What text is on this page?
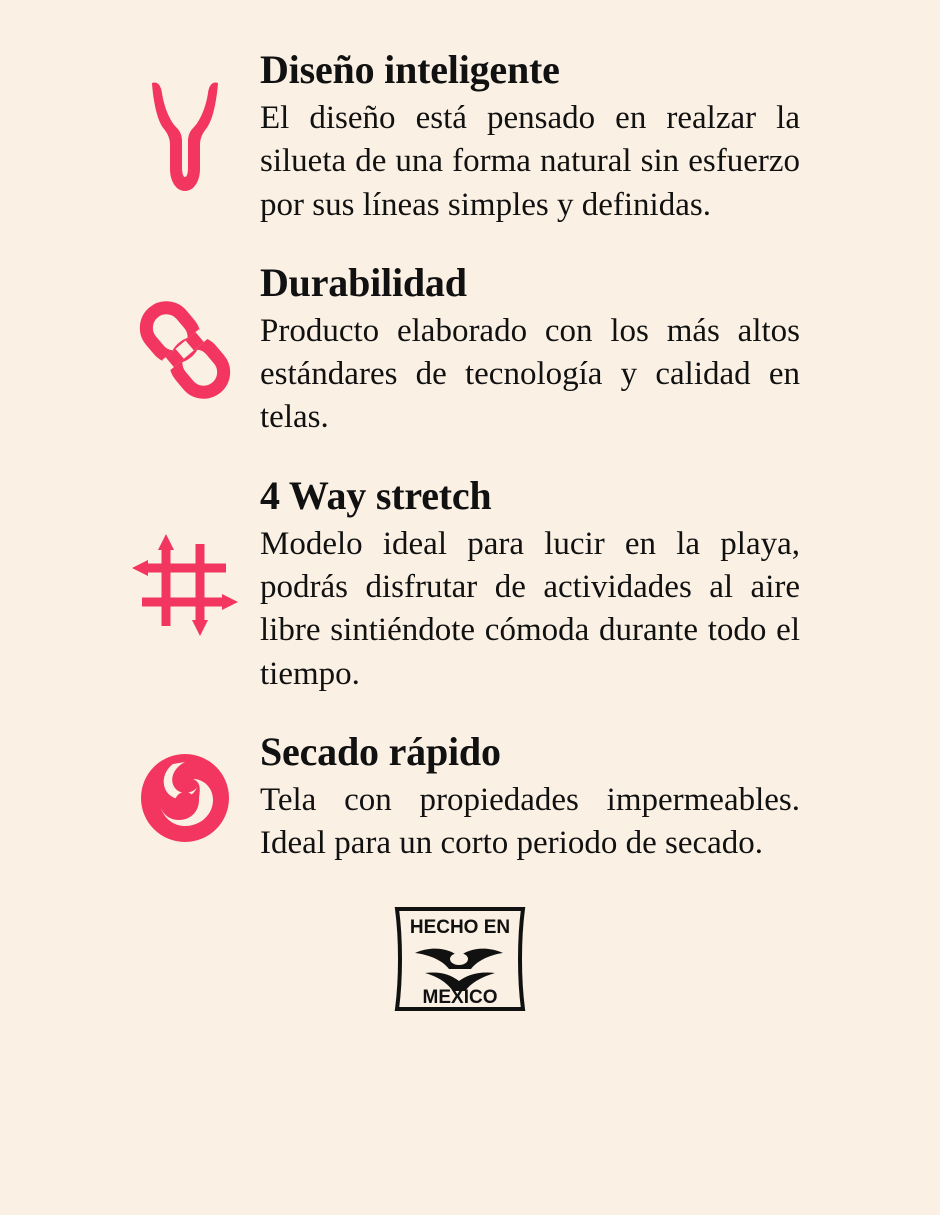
Diseño inteligente

El diseño está pensado en realzar la silueta de una forma natural sin esfuerzo por sus líneas simples y definidas.

Durabilidad

Producto elaborado con los más altos estándares de tecnología y calidad en telas.

4 Way stretch

Modelo ideal para lucir en la playa, podrás disfrutar de actividades al aire libre sintiéndote cómoda durante todo el tiempo.

Secado rápido

Tela con propiedades impermeables. Ideal para un corto periodo de secado.

HECHO EN
MEXICO
